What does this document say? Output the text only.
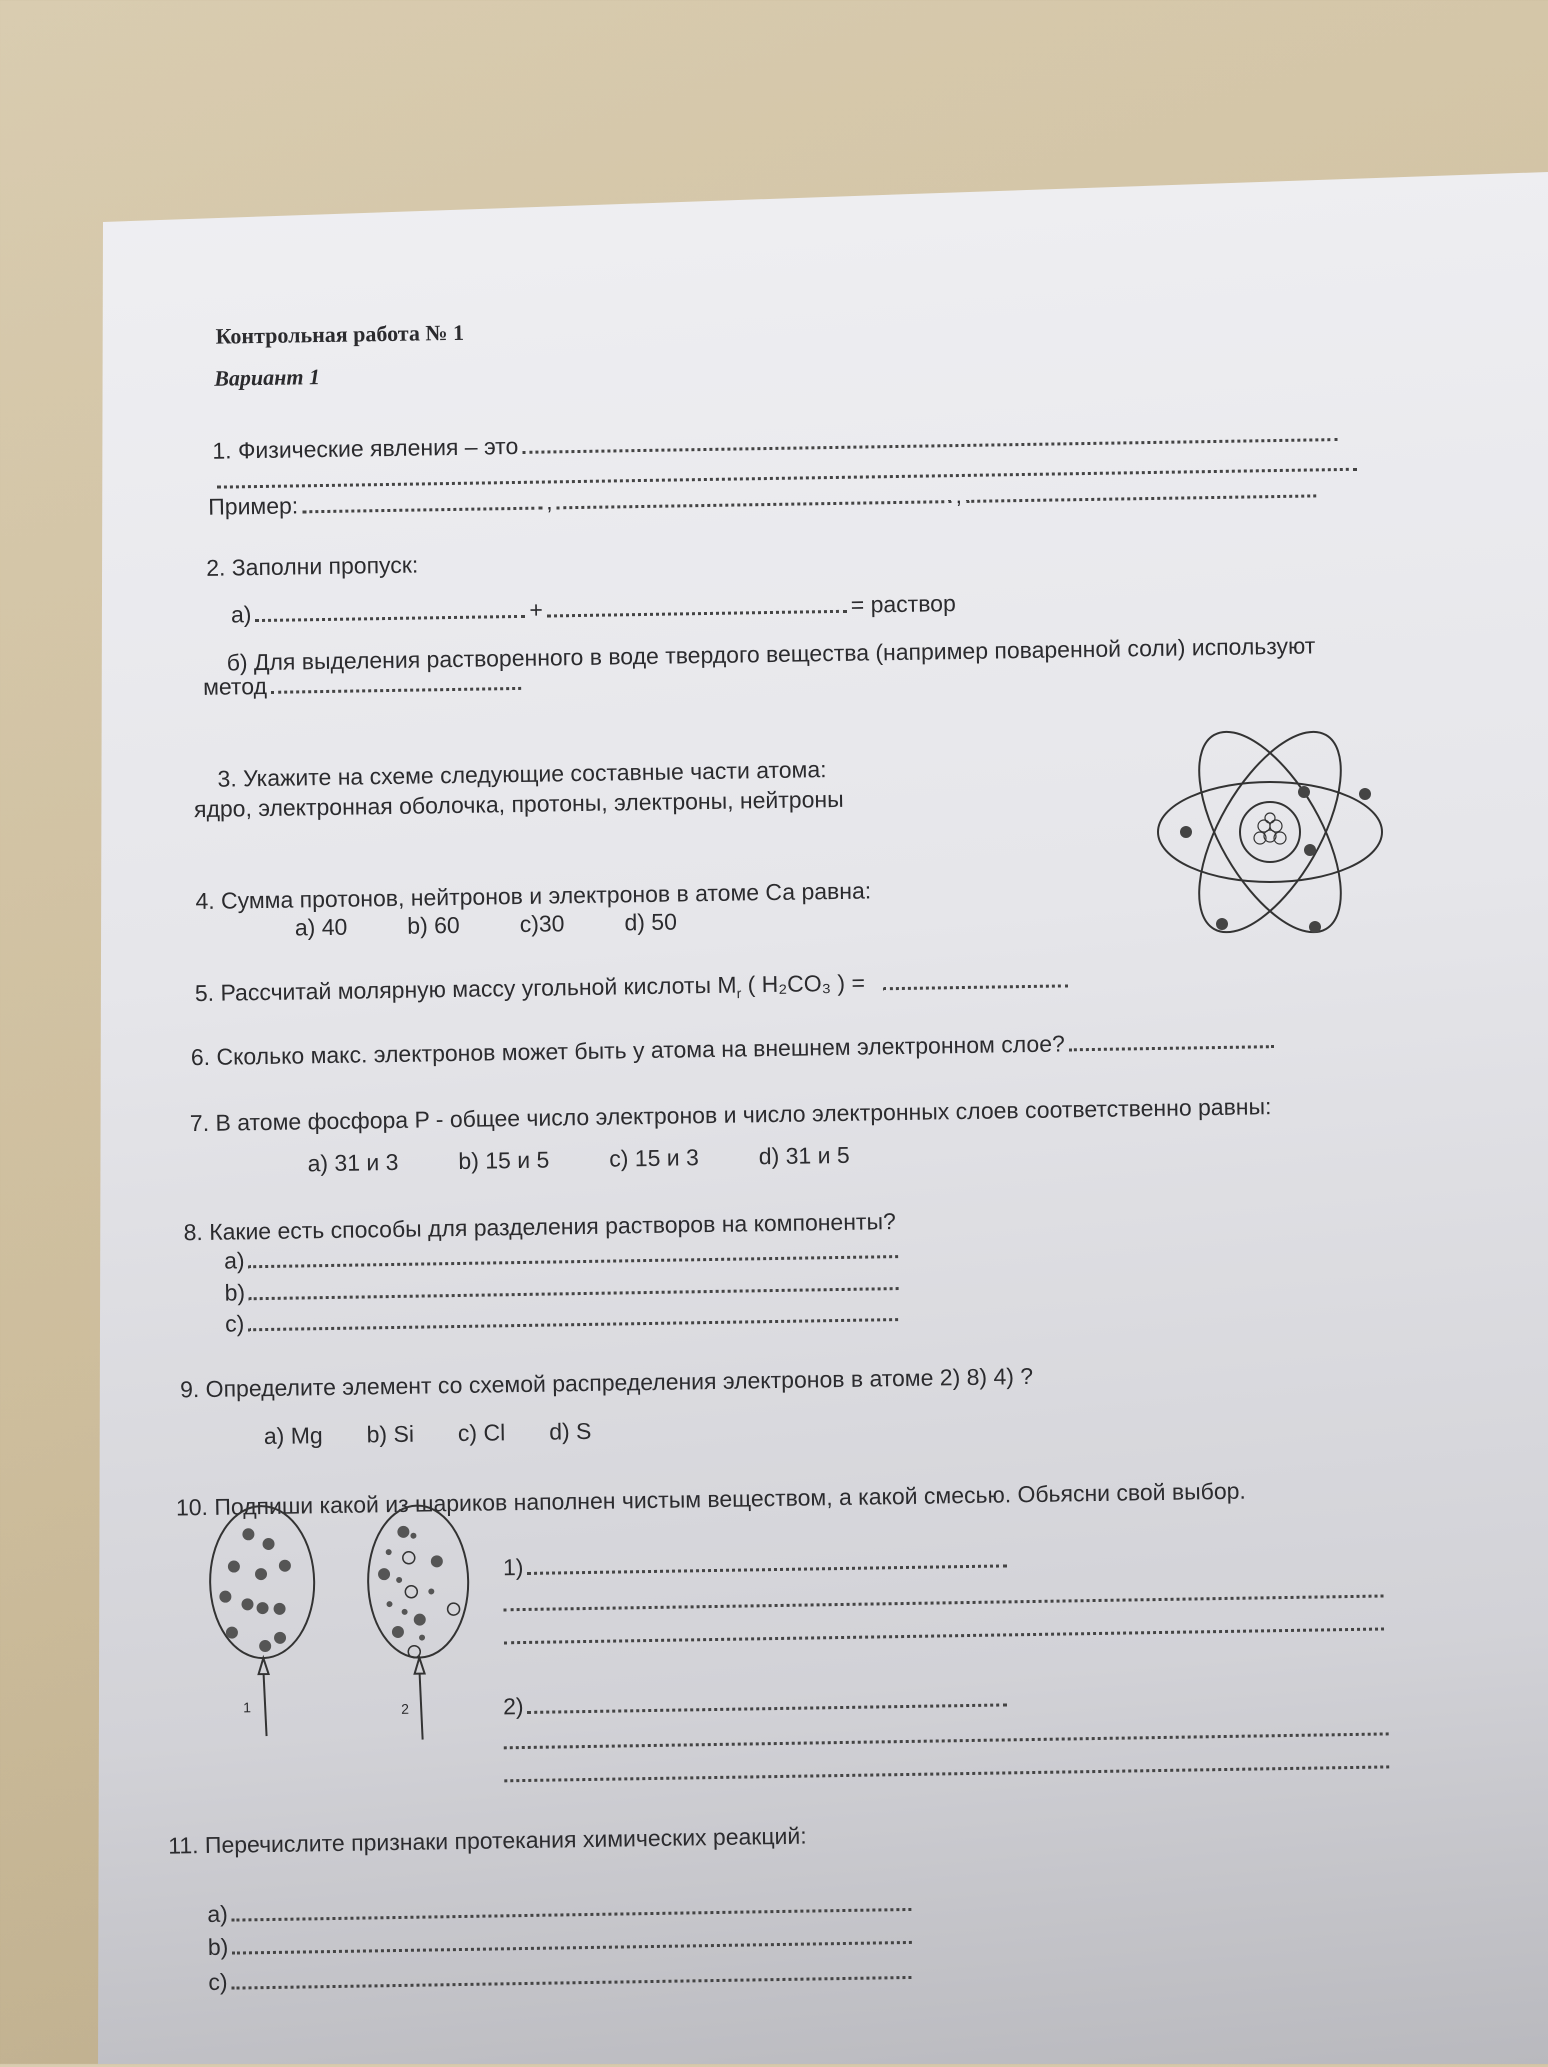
Контрольная работа № 1
Вариант 1
1. Физические явления – это
Пример:	,	,
2. Заполни пропуск:
а)	+	= раствор
б) Для выделения растворенного в воде твердого вещества (например поваренной соли) используют
метод
3. Укажите на схеме следующие составные части атома:
ядро, электронная оболочка, протоны, электроны, нейтроны
4. Сумма протонов, нейтронов и электронов в атоме Са равна:
а) 40	b) 60	c)30	d) 50
5. Рассчитай молярную массу угольной кислоты $M_r$ ( H₂CO₃ ) =
6. Сколько макс. электронов может быть у атома на внешнем электронном слое?
7. В атоме фосфора P - общее число электронов и число электронных слоев соответственно равны:
а) 31 и 3	b) 15 и 5	c) 15 и 3	d) 31 и 5
8. Какие есть способы для разделения растворов на компоненты?
а)
b)
c)
9. Определите элемент со схемой распределения электронов в атоме 2) 8) 4) ?
а) Mg b) Si c) Cl d) S
10. Подпиши какой из шариков наполнен чистым веществом, а какой смесью. Обьясни свой выбор.
1	2
1)
2)
11. Перечислите признаки протекания химических реакций:
а)
b)
c)
